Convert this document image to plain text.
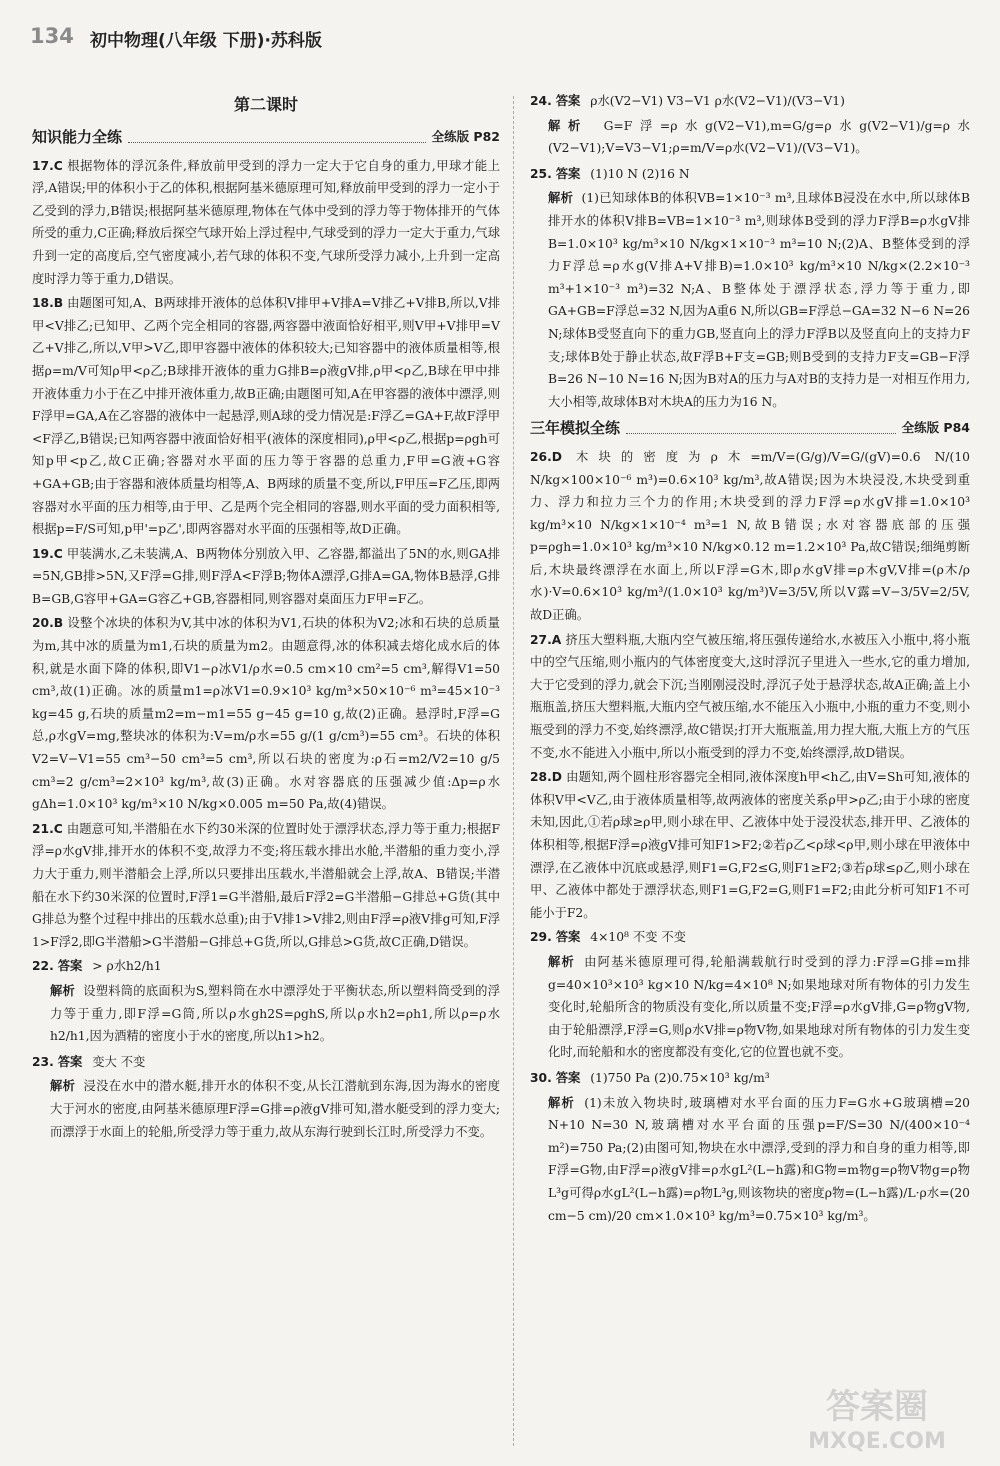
134 初中物理(八年级 下册)·苏科版
第二课时
知识能力全练	全练版 P82
17.C 根据物体的浮沉条件,释放前甲受到的浮力一定大于它自身的重力,甲球才能上浮,A错误;甲的体积小于乙的体积,根据阿基米德原理可知,释放前甲受到的浮力一定小于乙受到的浮力,B错误;根据阿基米德原理,物体在气体中受到的浮力等于物体排开的气体所受的重力,C正确;释放后探空气球开始上浮过程中,气球受到的浮力一定大于重力,气球升到一定的高度后,空气密度减小,若气球的体积不变,气球所受浮力减小,上升到一定高度时浮力等于重力,D错误。
18.B 由题图可知,A、B两球排开液体的总体积V排甲+V排A=V排乙+V排B,所以,V排甲<V排乙;已知甲、乙两个完全相同的容器,两容器中液面恰好相平,则V甲+V排甲=V乙+V排乙,所以,V甲>V乙,即甲容器中液体的体积较大;已知容器中的液体质量相等,根据ρ=m/V可知ρ甲<ρ乙;B球排开液体的重力G排B=ρ液gV排,ρ甲<ρ乙,B球在甲中排开液体重力小于在乙中排开液体重力,故B正确;由题图可知,A在甲容器的液体中漂浮,则F浮甲=GA,A在乙容器的液体中一起悬浮,则A球的受力情况是:F浮乙=GA+F,故F浮甲<F浮乙,B错误;已知两容器中液面恰好相平(液体的深度相同),ρ甲<ρ乙,根据p=ρgh可知p甲<p乙,故C正确;容器对水平面的压力等于容器的总重力,F甲=G液+G容+GA+GB;由于容器和液体质量均相等,A、B两球的质量不变,所以,F甲压=F乙压,即两容器对水平面的压力相等,由于甲、乙是两个完全相同的容器,则水平面的受力面积相等,根据p=F/S可知,p甲'=p乙',即两容器对水平面的压强相等,故D正确。
19.C 甲装满水,乙未装满,A、B两物体分别放入甲、乙容器,都溢出了5N的水,则GA排=5N,GB排>5N,又F浮=G排,则F浮A<F浮B;物体A漂浮,G排A=GA,物体B悬浮,G排B=GB,G容甲+GA=G容乙+GB,容器相同,则容器对桌面压力F甲=F乙。
20.B 设整个冰块的体积为V,其中冰的体积为V1,石块的体积为V2;冰和石块的总质量为m,其中冰的质量为m1,石块的质量为m2。由题意得,冰的体积减去熔化成水后的体积,就是水面下降的体积,即V1−ρ冰V1/ρ水=0.5 cm×10 cm²=5 cm³,解得V1=50 cm³,故(1)正确。冰的质量m1=ρ冰V1=0.9×10³ kg/m³×50×10⁻⁶ m³=45×10⁻³ kg=45 g,石块的质量m2=m−m1=55 g−45 g=10 g,故(2)正确。悬浮时,F浮=G总,ρ水gV=mg,整块冰的体积为:V=m/ρ水=55 g/(1 g/cm³)=55 cm³。石块的体积V2=V−V1=55 cm³−50 cm³=5 cm³,所以石块的密度为:ρ石=m2/V2=10 g/5 cm³=2 g/cm³=2×10³ kg/m³,故(3)正确。水对容器底的压强减少值:Δp=ρ水gΔh=1.0×10³ kg/m³×10 N/kg×0.005 m=50 Pa,故(4)错误。
21.C 由题意可知,半潜船在水下约30米深的位置时处于漂浮状态,浮力等于重力;根据F浮=ρ水gV排,排开水的体积不变,故浮力不变;将压载水排出水舱,半潜船的重力变小,浮力大于重力,则半潜船会上浮,所以只要排出压载水,半潜船就会上浮,故A、B错误;半潜船在水下约30米深的位置时,F浮1=G半潜船,最后F浮2=G半潜船−G排总+G货(其中G排总为整个过程中排出的压载水总重);由于V排1>V排2,则由F浮=ρ液V排g可知,F浮1>F浮2,即G半潜船>G半潜船−G排总+G货,所以,G排总>G货,故C正确,D错误。
22. 答案 > ρ水h2/h1
解析 设塑料筒的底面积为S,塑料筒在水中漂浮处于平衡状态,所以塑料筒受到的浮力等于重力,即F浮=G筒,所以ρ水gh2S=ρghS,所以ρ水h2=ρh1,所以ρ=ρ水h2/h1,因为酒精的密度小于水的密度,所以h1>h2。
23. 答案 变大 不变
解析 浸没在水中的潜水艇,排开水的体积不变,从长江潜航到东海,因为海水的密度大于河水的密度,由阿基米德原理F浮=G排=ρ液gV排可知,潜水艇受到的浮力变大;而漂浮于水面上的轮船,所受浮力等于重力,故从东海行驶到长江时,所受浮力不变。
24. 答案 ρ水(V2−V1) V3−V1 ρ水(V2−V1)/(V3−V1)
解析 G=F浮=ρ水g(V2−V1),m=G/g=ρ水g(V2−V1)/g=ρ水(V2−V1);V=V3−V1;ρ=m/V=ρ水(V2−V1)/(V3−V1)。
25. 答案 (1)10 N (2)16 N
解析 (1)已知球体B的体积VB=1×10⁻³ m³,且球体B浸没在水中,所以球体B排开水的体积V排B=VB=1×10⁻³ m³,则球体B受到的浮力F浮B=ρ水gV排B=1.0×10³ kg/m³×10 N/kg×1×10⁻³ m³=10 N;(2)A、B整体受到的浮力F浮总=ρ水g(V排A+V排B)=1.0×10³ kg/m³×10 N/kg×(2.2×10⁻³ m³+1×10⁻³ m³)=32 N;A、B整体处于漂浮状态,浮力等于重力,即GA+GB=F浮总=32 N,因为A重6 N,所以GB=F浮总−GA=32 N−6 N=26 N;球体B受竖直向下的重力GB,竖直向上的浮力F浮B以及竖直向上的支持力F支;球体B处于静止状态,故F浮B+F支=GB;则B受到的支持力F支=GB−F浮B=26 N−10 N=16 N;因为B对A的压力与A对B的支持力是一对相互作用力,大小相等,故球体B对木块A的压力为16 N。
三年模拟全练	全练版 P84
26.D 木块的密度为ρ木=m/V=(G/g)/V=G/(gV)=0.6 N/(10 N/kg×100×10⁻⁶ m³)=0.6×10³ kg/m³,故A错误;因为木块浸没,木块受到重力、浮力和拉力三个力的作用;木块受到的浮力F浮=ρ水gV排=1.0×10³ kg/m³×10 N/kg×1×10⁻⁴ m³=1 N,故B错误;水对容器底部的压强p=ρgh=1.0×10³ kg/m³×10 N/kg×0.12 m=1.2×10³ Pa,故C错误;细绳剪断后,木块最终漂浮在水面上,所以F浮=G木,即ρ水gV排=ρ木gV,V排=(ρ木/ρ水)·V=0.6×10³ kg/m³/(1.0×10³ kg/m³)V=3/5V,所以V露=V−3/5V=2/5V,故D正确。
27.A 挤压大塑料瓶,大瓶内空气被压缩,将压强传递给水,水被压入小瓶中,将小瓶中的空气压缩,则小瓶内的气体密度变大,这时浮沉子里进入一些水,它的重力增加,大于它受到的浮力,就会下沉;当刚刚浸没时,浮沉子处于悬浮状态,故A正确;盖上小瓶瓶盖,挤压大塑料瓶,大瓶内空气被压缩,水不能压入小瓶中,小瓶的重力不变,则小瓶受到的浮力不变,始终漂浮,故C错误;打开大瓶瓶盖,用力捏大瓶,大瓶上方的气压不变,水不能进入小瓶中,所以小瓶受到的浮力不变,始终漂浮,故D错误。
28.D 由题知,两个圆柱形容器完全相同,液体深度h甲<h乙,由V=Sh可知,液体的体积V甲<V乙,由于液体质量相等,故两液体的密度关系ρ甲>ρ乙;由于小球的密度未知,因此,①若ρ球≥ρ甲,则小球在甲、乙液体中处于浸没状态,排开甲、乙液体的体积相等,根据F浮=ρ液gV排可知F1>F2;②若ρ乙<ρ球<ρ甲,则小球在甲液体中漂浮,在乙液体中沉底或悬浮,则F1=G,F2≤G,则F1≥F2;③若ρ球≤ρ乙,则小球在甲、乙液体中都处于漂浮状态,则F1=G,F2=G,则F1=F2;由此分析可知F1不可能小于F2。
29. 答案 4×10⁸ 不变 不变
解析 由阿基米德原理可得,轮船满载航行时受到的浮力:F浮=G排=m排g=40×10³×10³ kg×10 N/kg=4×10⁸ N;如果地球对所有物体的引力发生变化时,轮船所含的物质没有变化,所以质量不变;F浮=ρ水gV排,G=ρ物gV物,由于轮船漂浮,F浮=G,则ρ水V排=ρ物V物,如果地球对所有物体的引力发生变化时,而轮船和水的密度都没有变化,它的位置也就不变。
30. 答案 (1)750 Pa (2)0.75×10³ kg/m³
解析 (1)未放入物块时,玻璃槽对水平台面的压力F=G水+G玻璃槽=20 N+10 N=30 N,玻璃槽对水平台面的压强p=F/S=30 N/(400×10⁻⁴ m²)=750 Pa;(2)由图可知,物块在水中漂浮,受到的浮力和自身的重力相等,即F浮=G物,由F浮=ρ液gV排=ρ水gL²(L−h露)和G物=m物g=ρ物V物g=ρ物L³g可得ρ水gL²(L−h露)=ρ物L³g,则该物块的密度ρ物=(L−h露)/L·ρ水=(20 cm−5 cm)/20 cm×1.0×10³ kg/m³=0.75×10³ kg/m³。
答案圈
MXQE.COM
